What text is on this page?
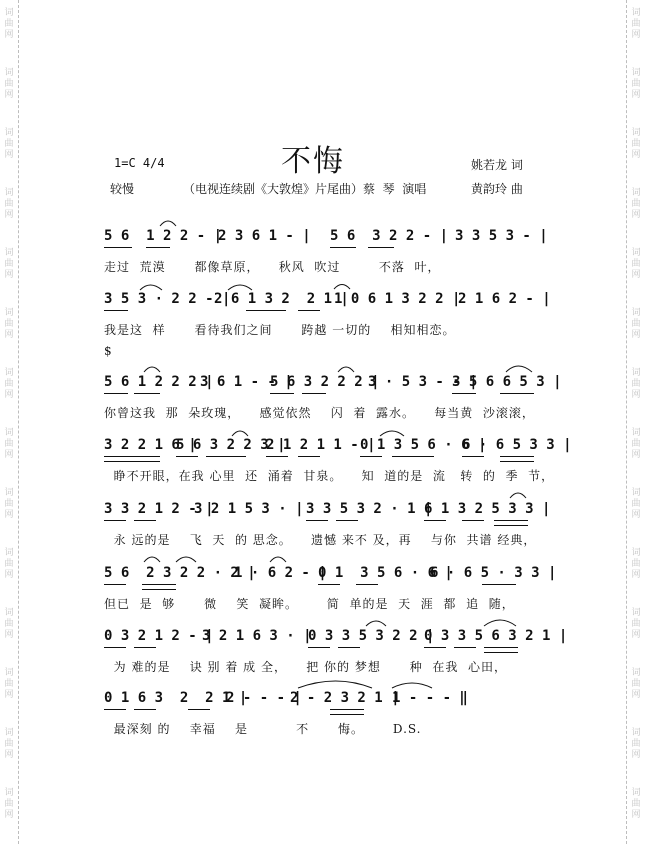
不悔
1=C 4/4
较慢	（电视连续剧《大敦煌》片尾曲）蔡  琴  演唱
姚若龙 词
黄韵玲 曲
5 6  1 2 2 - |
2 3 6 1 - | 5 6  3 2 2 - | 3 3 5 3 - |
走过  荒漠      都像草原，    秋风  吹过        不落  叶，
3 5 3 · 2 2 - |
2 6 1 3 2  2 1 |
1 0 6 1 3 2 2 |
2 1 6 2 - |
我是这  样      看待我们之间      跨越 一切的    相知相恋。
$
5 6 1 2 2 2 |
3 6 1 - - |
5 6 3 2 2 2 |
3 · 5 3 - - |
3 5 6 6 5 3 |
你曾这我  那  朵玫瑰，    感觉依然    闪  着  露水。    每当黄  沙滚滚，
3 2 2 1 6 |
5 6 3 2 2 3 |
2 1 2 1 1 - |
0 1 3 5 6 · 6 |
6 · 6 5 3 3 |
睁不开眼，在我 心里  还  涌着  甘泉。    知  道的是  流   转  的  季  节，
3 3 2 1 2 - |
3 2 1 5 3 · | 3 3 5 3 2 · 1 |
6 1 3 2 5 3 3 |
永 远的是    飞  天  的 思念。    遗憾 来不 及，再    与你  共谱 经典，
5 6  2 3 2 2 · 2 |
1 · 6 2 - |
0 1  3 5 6 · 6 |
6 · 6 5 · 3 3 |
但已  是  够      微    笑  凝眸。      简  单的是  天  涯  都  追  随，
0 3 2 1 2 - |
3 2 1 6 3 · |
0 3 3 5 3 2 2 |
0 3 3 5 6 3 2 1 |
为 难的是    诀 别 着 成 全，    把 你的 梦想      种  在我  心田，
0 1 6 3  2  2 1 |
2 - - - |
2 - 2 3 2 1 |
1 - - - ‖
最深刻 的    幸福    是          不      悔。      D.S.
词曲网
词曲网
词曲网
词曲网
词曲网
词曲网
词曲网
词曲网
词曲网
词曲网
词曲网
词曲网
词曲网
词曲网
词曲网
词曲网
词曲网
词曲网
词曲网
词曲网
词曲网
词曲网
词曲网
词曲网
词曲网
词曲网
词曲网
词曲网
